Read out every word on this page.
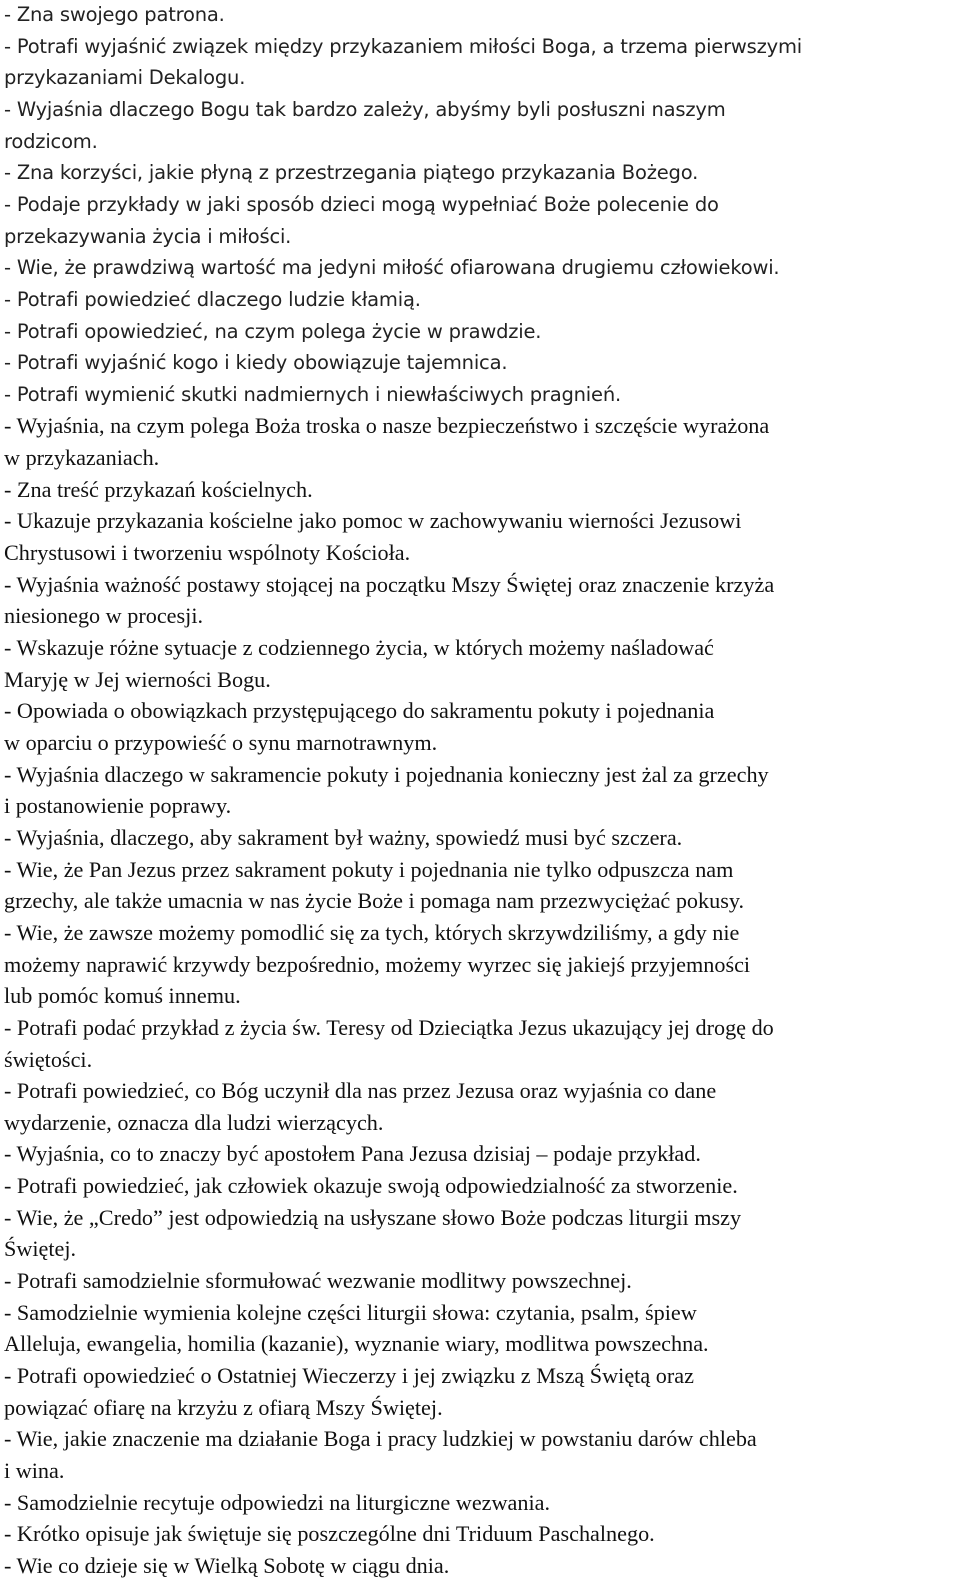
- Zna swojego patrona.
- Potrafi wyjaśnić związek między przykazaniem miłości Boga, a trzema pierwszymi
przykazaniami Dekalogu.
- Wyjaśnia dlaczego Bogu tak bardzo zależy, abyśmy byli posłuszni naszym
rodzicom.
- Zna korzyści, jakie płyną z przestrzegania piątego przykazania Bożego.
- Podaje przykłady w jaki sposób dzieci mogą wypełniać Boże polecenie do
przekazywania życia i miłości.
- Wie, że prawdziwą wartość ma jedyni miłość ofiarowana drugiemu człowiekowi.
- Potrafi powiedzieć dlaczego ludzie kłamią.
- Potrafi opowiedzieć, na czym polega życie w prawdzie.
- Potrafi wyjaśnić kogo i kiedy obowiązuje tajemnica.
- Potrafi wymienić skutki nadmiernych i niewłaściwych pragnień.
- Wyjaśnia, na czym polega Boża troska o nasze bezpieczeństwo i szczęście wyrażona
w przykazaniach.
- Zna treść przykazań kościelnych.
- Ukazuje przykazania kościelne jako pomoc w zachowywaniu wierności Jezusowi
Chrystusowi i tworzeniu wspólnoty Kościoła.
- Wyjaśnia ważność postawy stojącej na początku Mszy Świętej oraz znaczenie krzyża
niesionego w procesji.
- Wskazuje różne sytuacje z codziennego życia, w których możemy naśladować
Maryję w Jej wierności Bogu.
- Opowiada o obowiązkach przystępującego do sakramentu pokuty i pojednania
w oparciu o przypowieść o synu marnotrawnym.
- Wyjaśnia dlaczego w sakramencie pokuty i pojednania konieczny jest żal za grzechy
i postanowienie poprawy.
- Wyjaśnia, dlaczego, aby sakrament był ważny, spowiedź musi być szczera.
- Wie, że Pan Jezus przez sakrament pokuty i pojednania nie tylko odpuszcza nam
grzechy, ale także umacnia w nas życie Boże i pomaga nam przezwyciężać pokusy.
- Wie, że zawsze możemy pomodlić się za tych, których skrzywdziliśmy, a gdy nie
możemy naprawić krzywdy bezpośrednio, możemy wyrzec się jakiejś przyjemności
lub pomóc komuś innemu.
- Potrafi podać przykład z życia św. Teresy od Dzieciątka Jezus ukazujący jej drogę do
świętości.
- Potrafi powiedzieć, co Bóg uczynił dla nas przez Jezusa oraz wyjaśnia co dane
wydarzenie, oznacza dla ludzi wierzących.
- Wyjaśnia, co to znaczy być apostołem Pana Jezusa dzisiaj – podaje przykład.
- Potrafi powiedzieć, jak człowiek okazuje swoją odpowiedzialność za stworzenie.
- Wie, że „Credo” jest odpowiedzią na usłyszane słowo Boże podczas liturgii mszy
Świętej.
- Potrafi samodzielnie sformułować wezwanie modlitwy powszechnej.
- Samodzielnie wymienia kolejne części liturgii słowa: czytania, psalm, śpiew
Alleluja, ewangelia, homilia (kazanie), wyznanie wiary, modlitwa powszechna.
- Potrafi opowiedzieć o Ostatniej Wieczerzy i jej związku z Mszą Świętą oraz
powiązać ofiarę na krzyżu z ofiarą Mszy Świętej.
- Wie, jakie znaczenie ma działanie Boga i pracy ludzkiej w powstaniu darów chleba
i wina.
- Samodzielnie recytuje odpowiedzi na liturgiczne wezwania.
- Krótko opisuje jak świętuje się poszczególne dni Triduum Paschalnego.
- Wie co dzieje się w Wielką Sobotę w ciągu dnia.
